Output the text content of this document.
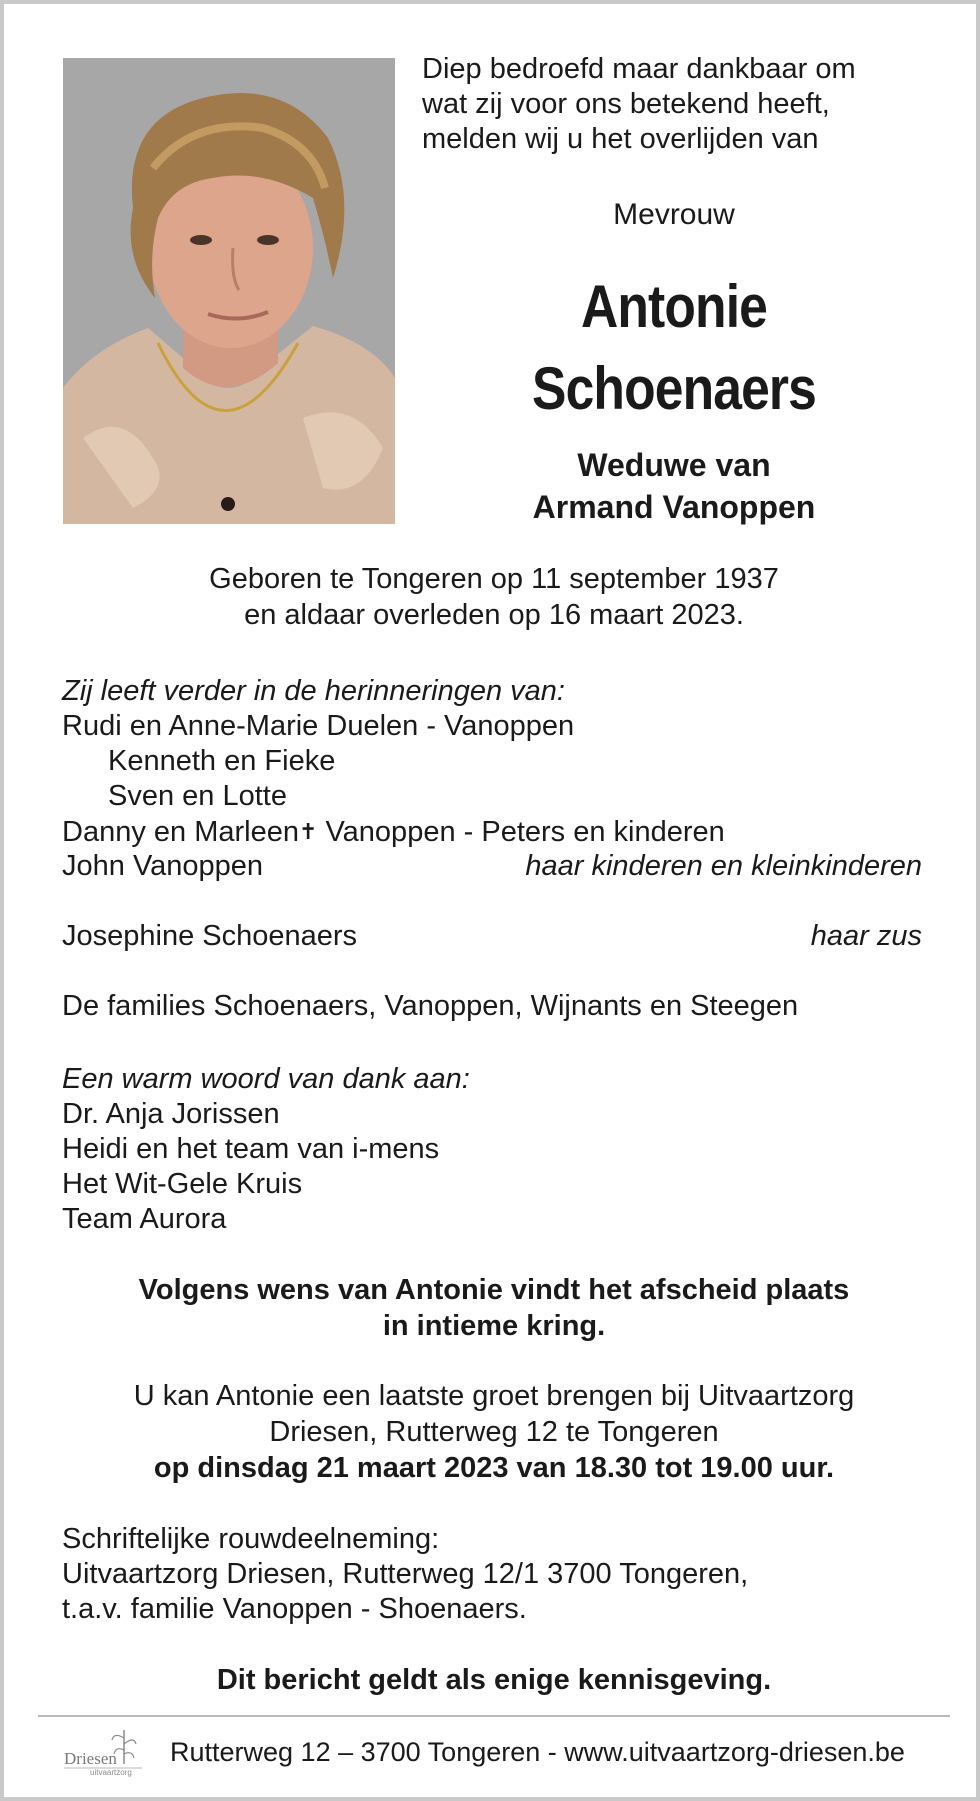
Diep bedroefd maar dankbaar om
wat zij voor ons betekend heeft,
melden wij u het overlijden van
Mevrouw
Antonie
Schoenaers
Weduwe van
Armand Vanoppen
Geboren te Tongeren op 11 september 1937
en aldaar overleden op 16 maart 2023.
Zij leeft verder in de herinneringen van:
Rudi en Anne-Marie Duelen - Vanoppen
Kenneth en Fieke
Sven en Lotte
Danny en Marleen✝ Vanoppen - Peters en kinderen
John Vanoppen	haar kinderen en kleinkinderen
Josephine Schoenaers	haar zus
De families Schoenaers, Vanoppen, Wijnants en Steegen
Een warm woord van dank aan:
Dr. Anja Jorissen
Heidi en het team van i-mens
Het Wit-Gele Kruis
Team Aurora
Volgens wens van Antonie vindt het afscheid plaats
in intieme kring.
U kan Antonie een laatste groet brengen bij Uitvaartzorg
Driesen, Rutterweg 12 te Tongeren
op dinsdag 21 maart 2023 van 18.30 tot 19.00 uur.
Schriftelijke rouwdeelneming:
Uitvaartzorg Driesen, Rutterweg 12/1 3700 Tongeren,
t.a.v. familie Vanoppen - Shoenaers.
Dit bericht geldt als enige kennisgeving.
Driesen
uitvaartzorg
Rutterweg 12 – 3700 Tongeren - www.uitvaartzorg-driesen.be
